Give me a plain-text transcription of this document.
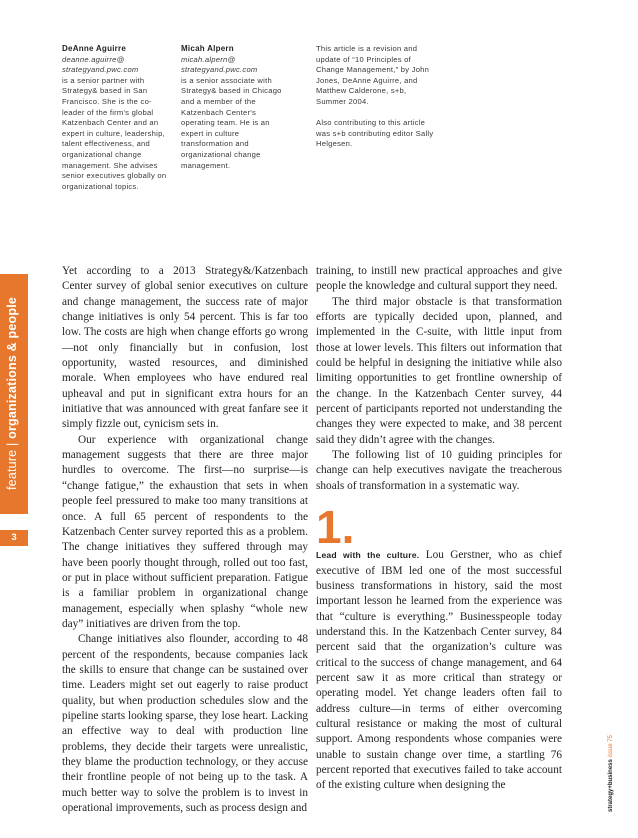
DeAnne Aguirre
deanne.aguirre@
strategyand.pwc.com
is a senior partner with Strategy& based in San Francisco. She is the co-leader of the firm's global Katzenbach Center and an expert in culture, leadership, talent effectiveness, and organizational change management. She advises senior executives globally on organizational topics.
Micah Alpern
micah.alpern@
strategyand.pwc.com
is a senior associate with Strategy& based in Chicago and a member of the Katzenbach Center's operating team. He is an expert in culture transformation and organizational change management.

This article is a revision and update of “10 Principles of Change Management,” by John Jones, DeAnne Aguirre, and Matthew Calderone, s+b, Summer 2004.

Also contributing to this article was s+b contributing editor Sally Helgesen.

feature | organizations & people
3

Yet according to a 2013 Strategy&/Katzenbach Center survey of global senior executives on culture and change management, the success rate of major change initiatives is only 54 percent. This is far too low. The costs are high when change efforts go wrong—not only financially but in confusion, lost opportunity, wasted resources, and diminished morale. When employees who have endured real upheaval and put in significant extra hours for an initiative that was announced with great fanfare see it simply fizzle out, cynicism sets in.

Our experience with organizational change management suggests that there are three major hurdles to overcome. The first—no surprise—is “change fatigue,” the exhaustion that sets in when people feel pressured to make too many transitions at once. A full 65 percent of respondents to the Katzenbach Center survey reported this as a problem. The change initiatives they suffered through may have been poorly thought through, rolled out too fast, or put in place without sufficient preparation. Fatigue is a familiar problem in organizational change management, especially when splashy “whole new day” initiatives are driven from the top.

Change initiatives also flounder, according to 48 percent of the respondents, because companies lack the skills to ensure that change can be sustained over time. Leaders might set out eagerly to raise product quality, but when production schedules slow and the pipeline starts looking sparse, they lose heart. Lacking an effective way to deal with production line problems, they decide their targets were unrealistic, they blame the production technology, or they accuse their frontline people of not being up to the task. A much better way to solve the problem is to invest in operational improvements, such as process design and

training, to instill new practical approaches and give people the knowledge and cultural support they need.

The third major obstacle is that transformation efforts are typically decided upon, planned, and implemented in the C-suite, with little input from those at lower levels. This filters out information that could be helpful in designing the initiative while also limiting opportunities to get frontline ownership of the change. In the Katzenbach Center survey, 44 percent of participants reported not understanding the changes they were expected to make, and 38 percent said they didn’t agree with the changes.

The following list of 10 guiding principles for change can help executives navigate the treacherous shoals of transformation in a systematic way.

1.

Lead with the culture. Lou Gerstner, who as chief executive of IBM led one of the most successful business transformations in history, said the most important lesson he learned from the experience was that “culture is everything.” Businesspeople today understand this. In the Katzenbach Center survey, 84 percent said that the organization’s culture was critical to the success of change management, and 64 percent saw it as more critical than strategy or operating model. Yet change leaders often fail to address culture—in terms of either overcoming cultural resistance or making the most of cultural support. Among respondents whose companies were unable to sustain change over time, a startling 76 percent reported that executives failed to take account of the existing culture when designing the	strategy+business issue 75
